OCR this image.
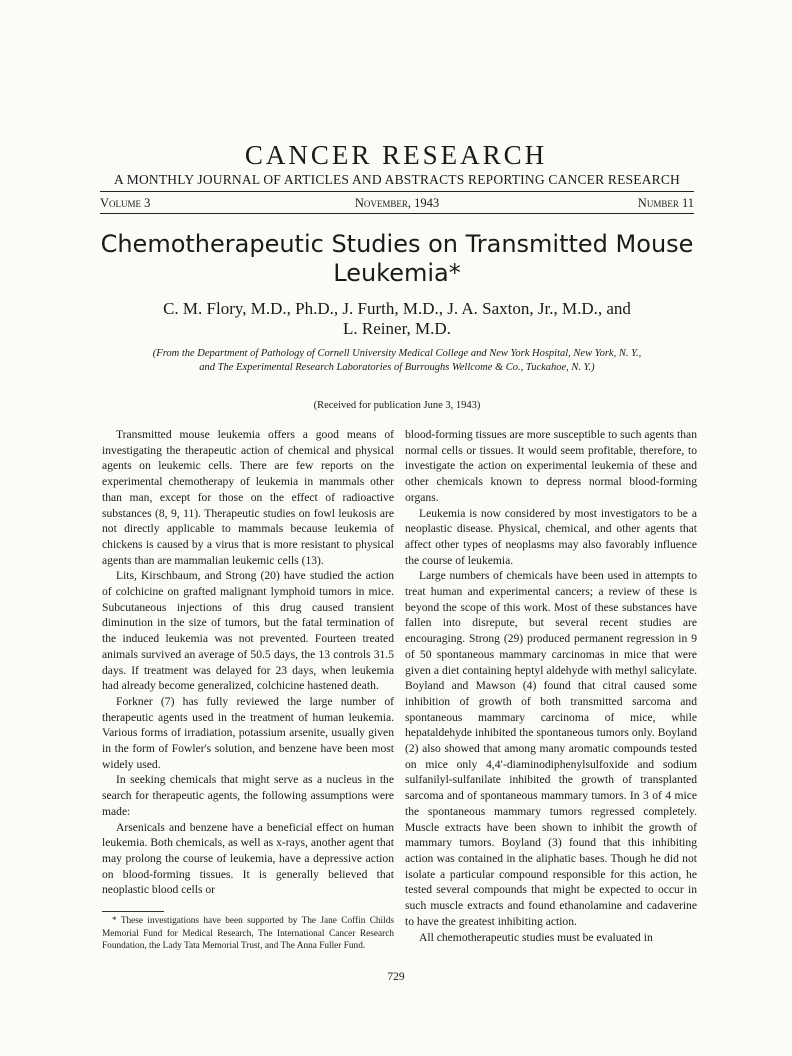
CANCER RESEARCH
A MONTHLY JOURNAL OF ARTICLES AND ABSTRACTS REPORTING CANCER RESEARCH
Volume 3	November, 1943	Number 11
Chemotherapeutic Studies on Transmitted Mouse
Leukemia*
C. M. Flory, M.D., Ph.D., J. Furth, M.D., J. A. Saxton, Jr., M.D., and
L. Reiner, M.D.
(From the Department of Pathology of Cornell University Medical College and New York Hospital, New York, N. Y., and The Experimental Research Laboratories of Burroughs Wellcome & Co., Tuckahoe, N. Y.)
(Received for publication June 3, 1943)

Transmitted mouse leukemia offers a good means of investigating the therapeutic action of chemical and physical agents on leukemic cells. There are few reports on the experimental chemotherapy of leukemia in mammals other than man, except for those on the effect of radioactive substances (8, 9, 11). Therapeutic studies on fowl leukosis are not directly applicable to mammals because leukemia of chickens is caused by a virus that is more resistant to physical agents than are mammalian leukemic cells (13).

Lits, Kirschbaum, and Strong (20) have studied the action of colchicine on grafted malignant lymphoid tumors in mice. Subcutaneous injections of this drug caused transient diminution in the size of tumors, but the fatal termination of the induced leukemia was not prevented. Fourteen treated animals survived an average of 50.5 days, the 13 controls 31.5 days. If treatment was delayed for 23 days, when leukemia had already become generalized, colchicine hastened death.

Forkner (7) has fully reviewed the large number of therapeutic agents used in the treatment of human leukemia. Various forms of irradiation, potassium arsenite, usually given in the form of Fowler's solution, and benzene have been most widely used.

In seeking chemicals that might serve as a nucleus in the search for therapeutic agents, the following assumptions were made:

Arsenicals and benzene have a beneficial effect on human leukemia. Both chemicals, as well as x-rays, another agent that may prolong the course of leukemia, have a depressive action on blood-forming tissues. It is generally believed that neoplastic blood cells or

* These investigations have been supported by The Jane Coffin Childs Memorial Fund for Medical Research, The International Cancer Research Foundation, the Lady Tata Memorial Trust, and The Anna Fuller Fund.

blood-forming tissues are more susceptible to such agents than normal cells or tissues. It would seem profitable, therefore, to investigate the action on experimental leukemia of these and other chemicals known to depress normal blood-forming organs.

Leukemia is now considered by most investigators to be a neoplastic disease. Physical, chemical, and other agents that affect other types of neoplasms may also favorably influence the course of leukemia.

Large numbers of chemicals have been used in attempts to treat human and experimental cancers; a review of these is beyond the scope of this work. Most of these substances have fallen into disrepute, but several recent studies are encouraging. Strong (29) produced permanent regression in 9 of 50 spontaneous mammary carcinomas in mice that were given a diet containing heptyl aldehyde with methyl salicylate. Boyland and Mawson (4) found that citral caused some inhibition of growth of both transmitted sarcoma and spontaneous mammary carcinoma of mice, while hepataldehyde inhibited the spontaneous tumors only. Boyland (2) also showed that among many aromatic compounds tested on mice only 4,4′-diaminodiphenylsulfoxide and sodium sulfanilyl-sulfanilate inhibited the growth of transplanted sarcoma and of spontaneous mammary tumors. In 3 of 4 mice the spontaneous mammary tumors regressed completely. Muscle extracts have been shown to inhibit the growth of mammary tumors. Boyland (3) found that this inhibiting action was contained in the aliphatic bases. Though he did not isolate a particular compound responsible for this action, he tested several compounds that might be expected to occur in such muscle extracts and found ethanolamine and cadaverine to have the greatest inhibiting action.

All chemotherapeutic studies must be evaluated in

729
